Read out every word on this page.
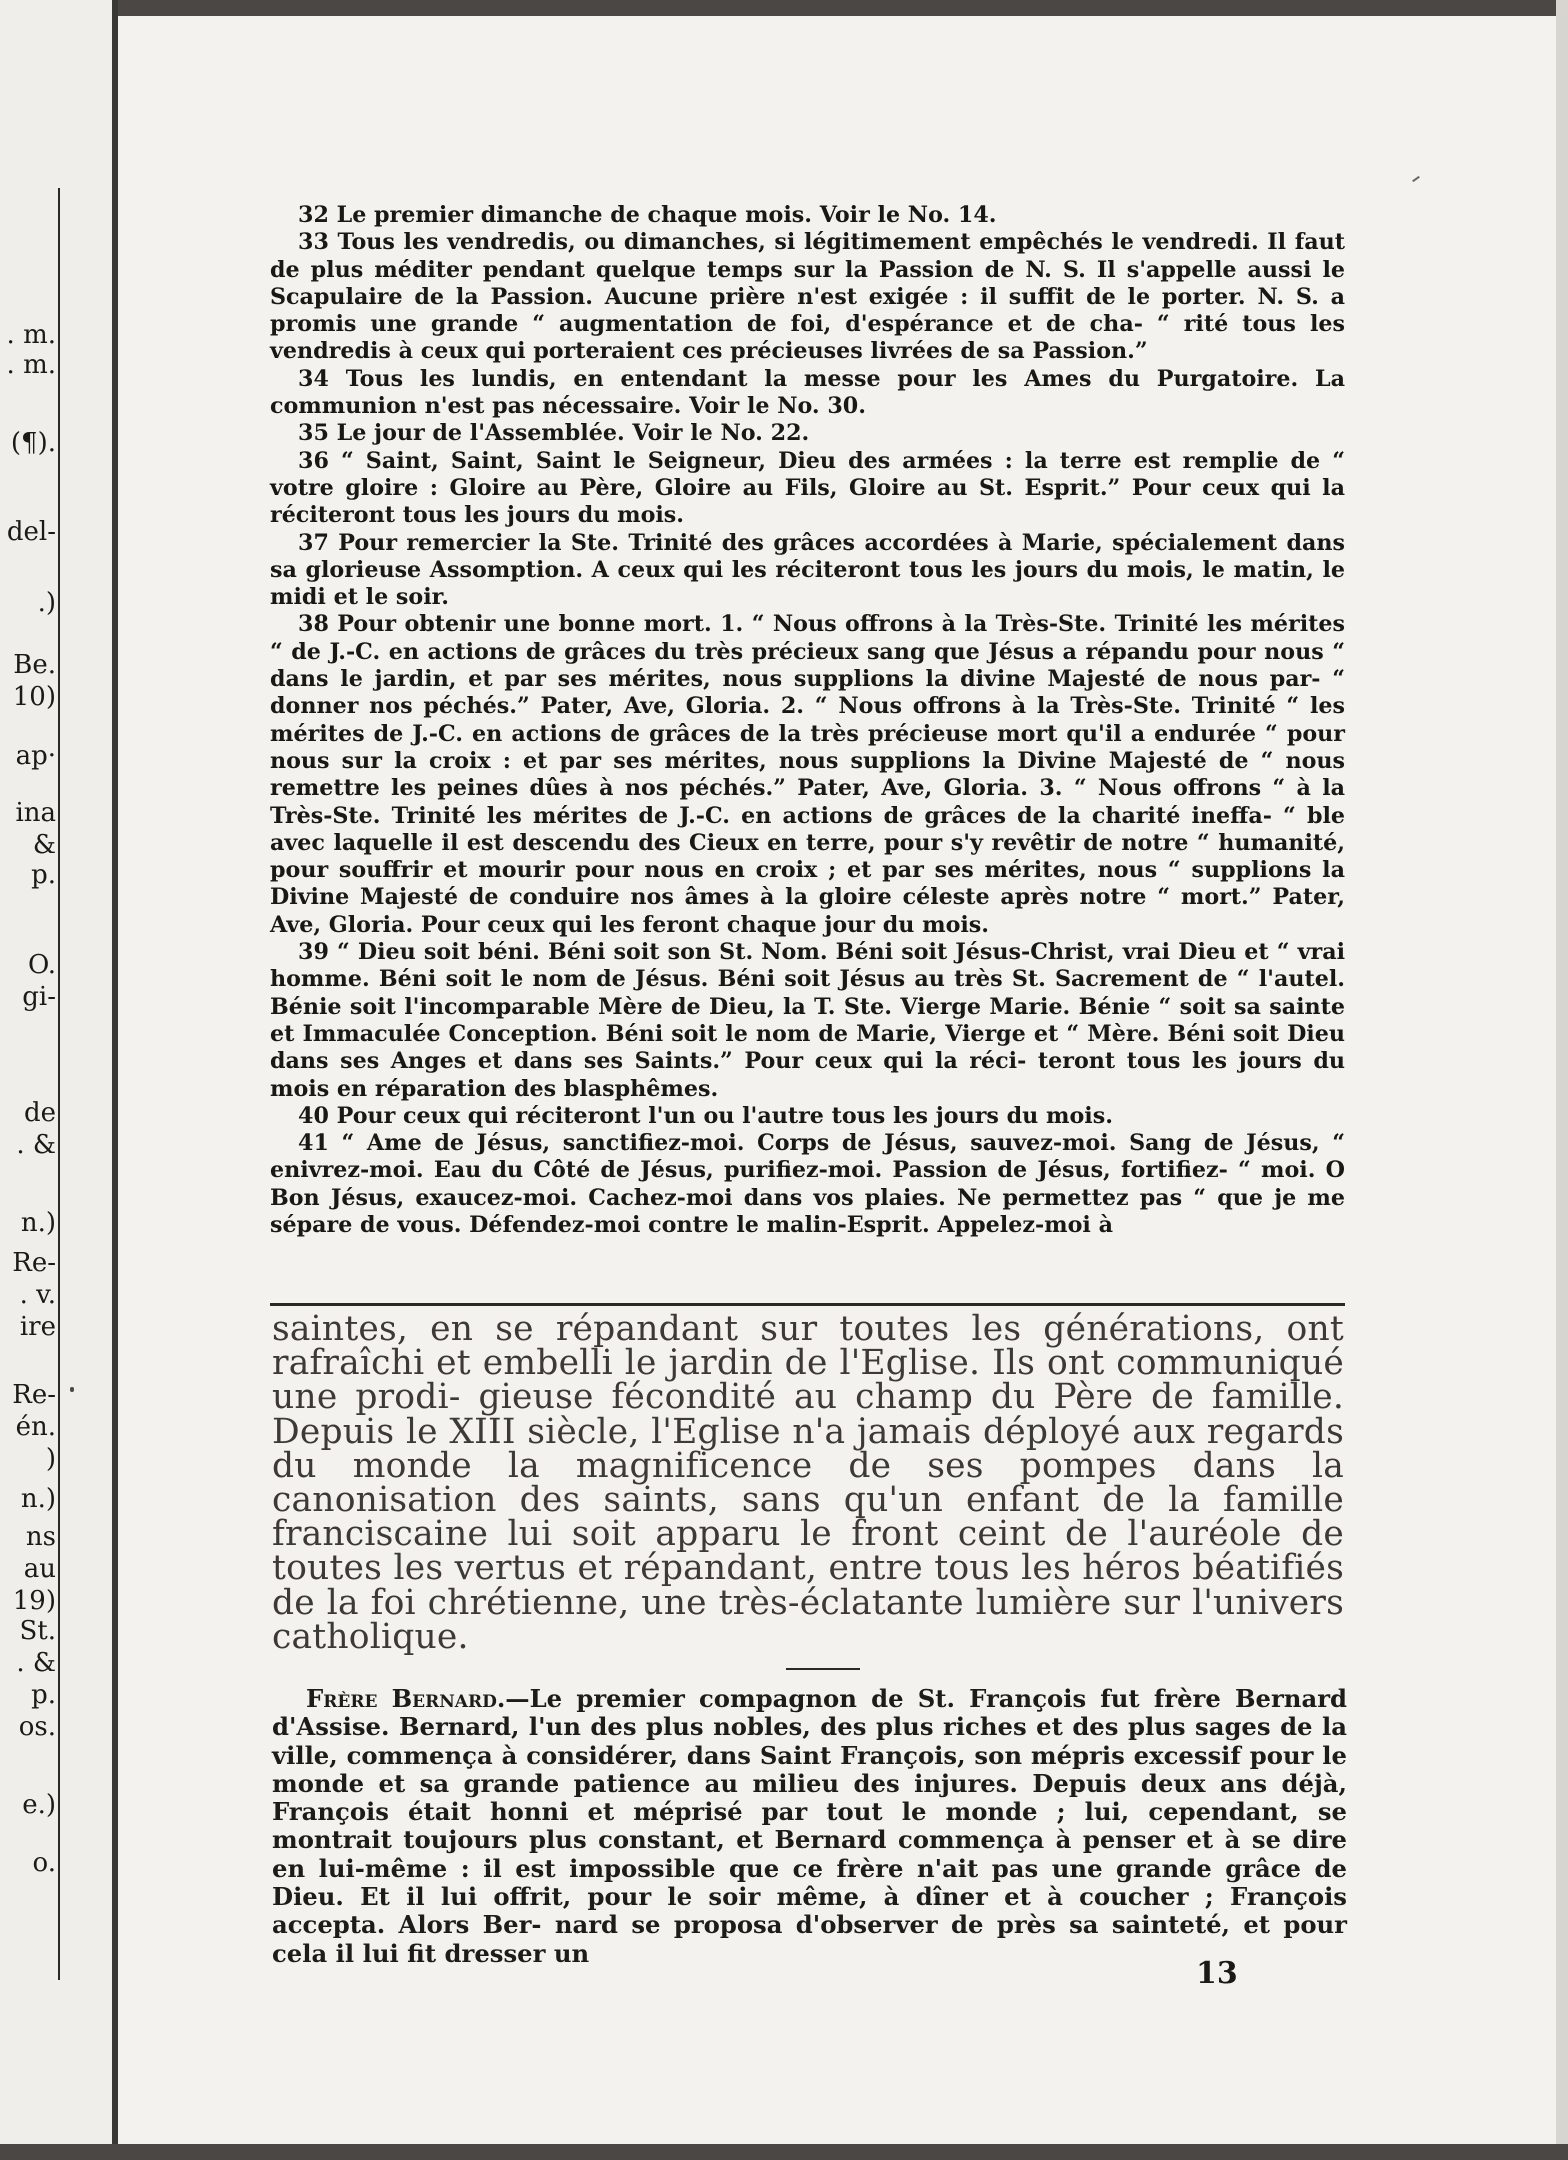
. m.
. m.
(¶).
del-
.)
Be.
10)
ap·
ina
& p.
O.
gi-
de
. &
n.)
Re-
. v.
ire
Re-
én.
)
n.)
ns
au
19)
St.
. &
p.
os.
e.)
o.

32 Le premier dimanche de chaque mois. Voir le No. 14.

33 Tous les vendredis, ou dimanches, si légitimement empêchés le vendredi. Il faut de plus méditer pendant quelque temps sur la Passion de N. S. Il s'appelle aussi le Scapulaire de la Passion. Aucune prière n'est exigée : il suffit de le porter. N. S. a promis une grande “ augmentation de foi, d'espérance et de cha- “ rité tous les vendredis à ceux qui porteraient ces précieuses livrées de sa Passion.”

34 Tous les lundis, en entendant la messe pour les Ames du Purgatoire. La communion n'est pas nécessaire. Voir le No. 30.

35 Le jour de l'Assemblée. Voir le No. 22.

36 “ Saint, Saint, Saint le Seigneur, Dieu des armées : la terre est remplie de “ votre gloire : Gloire au Père, Gloire au Fils, Gloire au St. Esprit.” Pour ceux qui la réciteront tous les jours du mois.

37 Pour remercier la Ste. Trinité des grâces accordées à Marie, spécialement dans sa glorieuse Assomption. A ceux qui les réciteront tous les jours du mois, le matin, le midi et le soir.

38 Pour obtenir une bonne mort. 1. “ Nous offrons à la Très-Ste. Trinité les mérites “ de J.-C. en actions de grâces du très précieux sang que Jésus a répandu pour nous “ dans le jardin, et par ses mérites, nous supplions la divine Majesté de nous par- “ donner nos péchés.” Pater, Ave, Gloria. 2. “ Nous offrons à la Très-Ste. Trinité “ les mérites de J.-C. en actions de grâces de la très précieuse mort qu'il a endurée “ pour nous sur la croix : et par ses mérites, nous supplions la Divine Majesté de “ nous remettre les peines dûes à nos péchés.” Pater, Ave, Gloria. 3. “ Nous offrons “ à la Très-Ste. Trinité les mérites de J.-C. en actions de grâces de la charité ineffa- “ ble avec laquelle il est descendu des Cieux en terre, pour s'y revêtir de notre “ humanité, pour souffrir et mourir pour nous en croix ; et par ses mérites, nous “ supplions la Divine Majesté de conduire nos âmes à la gloire céleste après notre “ mort.” Pater, Ave, Gloria. Pour ceux qui les feront chaque jour du mois.

39 “ Dieu soit béni. Béni soit son St. Nom. Béni soit Jésus-Christ, vrai Dieu et “ vrai homme. Béni soit le nom de Jésus. Béni soit Jésus au très St. Sacrement de “ l'autel. Bénie soit l'incomparable Mère de Dieu, la T. Ste. Vierge Marie. Bénie “ soit sa sainte et Immaculée Conception. Béni soit le nom de Marie, Vierge et “ Mère. Béni soit Dieu dans ses Anges et dans ses Saints.” Pour ceux qui la réci- teront tous les jours du mois en réparation des blasphêmes.

40 Pour ceux qui réciteront l'un ou l'autre tous les jours du mois.

41 “ Ame de Jésus, sanctifiez-moi. Corps de Jésus, sauvez-moi. Sang de Jésus, “ enivrez-moi. Eau du Côté de Jésus, purifiez-moi. Passion de Jésus, fortifiez- “ moi. O Bon Jésus, exaucez-moi. Cachez-moi dans vos plaies. Ne permettez pas “ que je me sépare de vous. Défendez-moi contre le malin-Esprit. Appelez-moi à

saintes, en se répandant sur toutes les générations, ont rafraîchi et embelli le jardin de l'Eglise. Ils ont communiqué une prodi- gieuse fécondité au champ du Père de famille. Depuis le XIII siècle, l'Eglise n'a jamais déployé aux regards du monde la magnificence de ses pompes dans la canonisation des saints, sans qu'un enfant de la famille franciscaine lui soit apparu le front ceint de l'auréole de toutes les vertus et répandant, entre tous les héros béatifiés de la foi chrétienne, une très-éclatante lumière sur l'univers catholique.

Frère Bernard.—Le premier compagnon de St. François fut frère Bernard d'Assise. Bernard, l'un des plus nobles, des plus riches et des plus sages de la ville, commença à considérer, dans Saint François, son mépris excessif pour le monde et sa grande patience au milieu des injures. Depuis deux ans déjà, François était honni et méprisé par tout le monde ; lui, cependant, se montrait toujours plus constant, et Bernard commença à penser et à se dire en lui-même : il est impossible que ce frère n'ait pas une grande grâce de Dieu. Et il lui offrit, pour le soir même, à dîner et à coucher ; François accepta. Alors Ber- nard se proposa d'observer de près sa sainteté, et pour cela il lui fit dresser un

13
